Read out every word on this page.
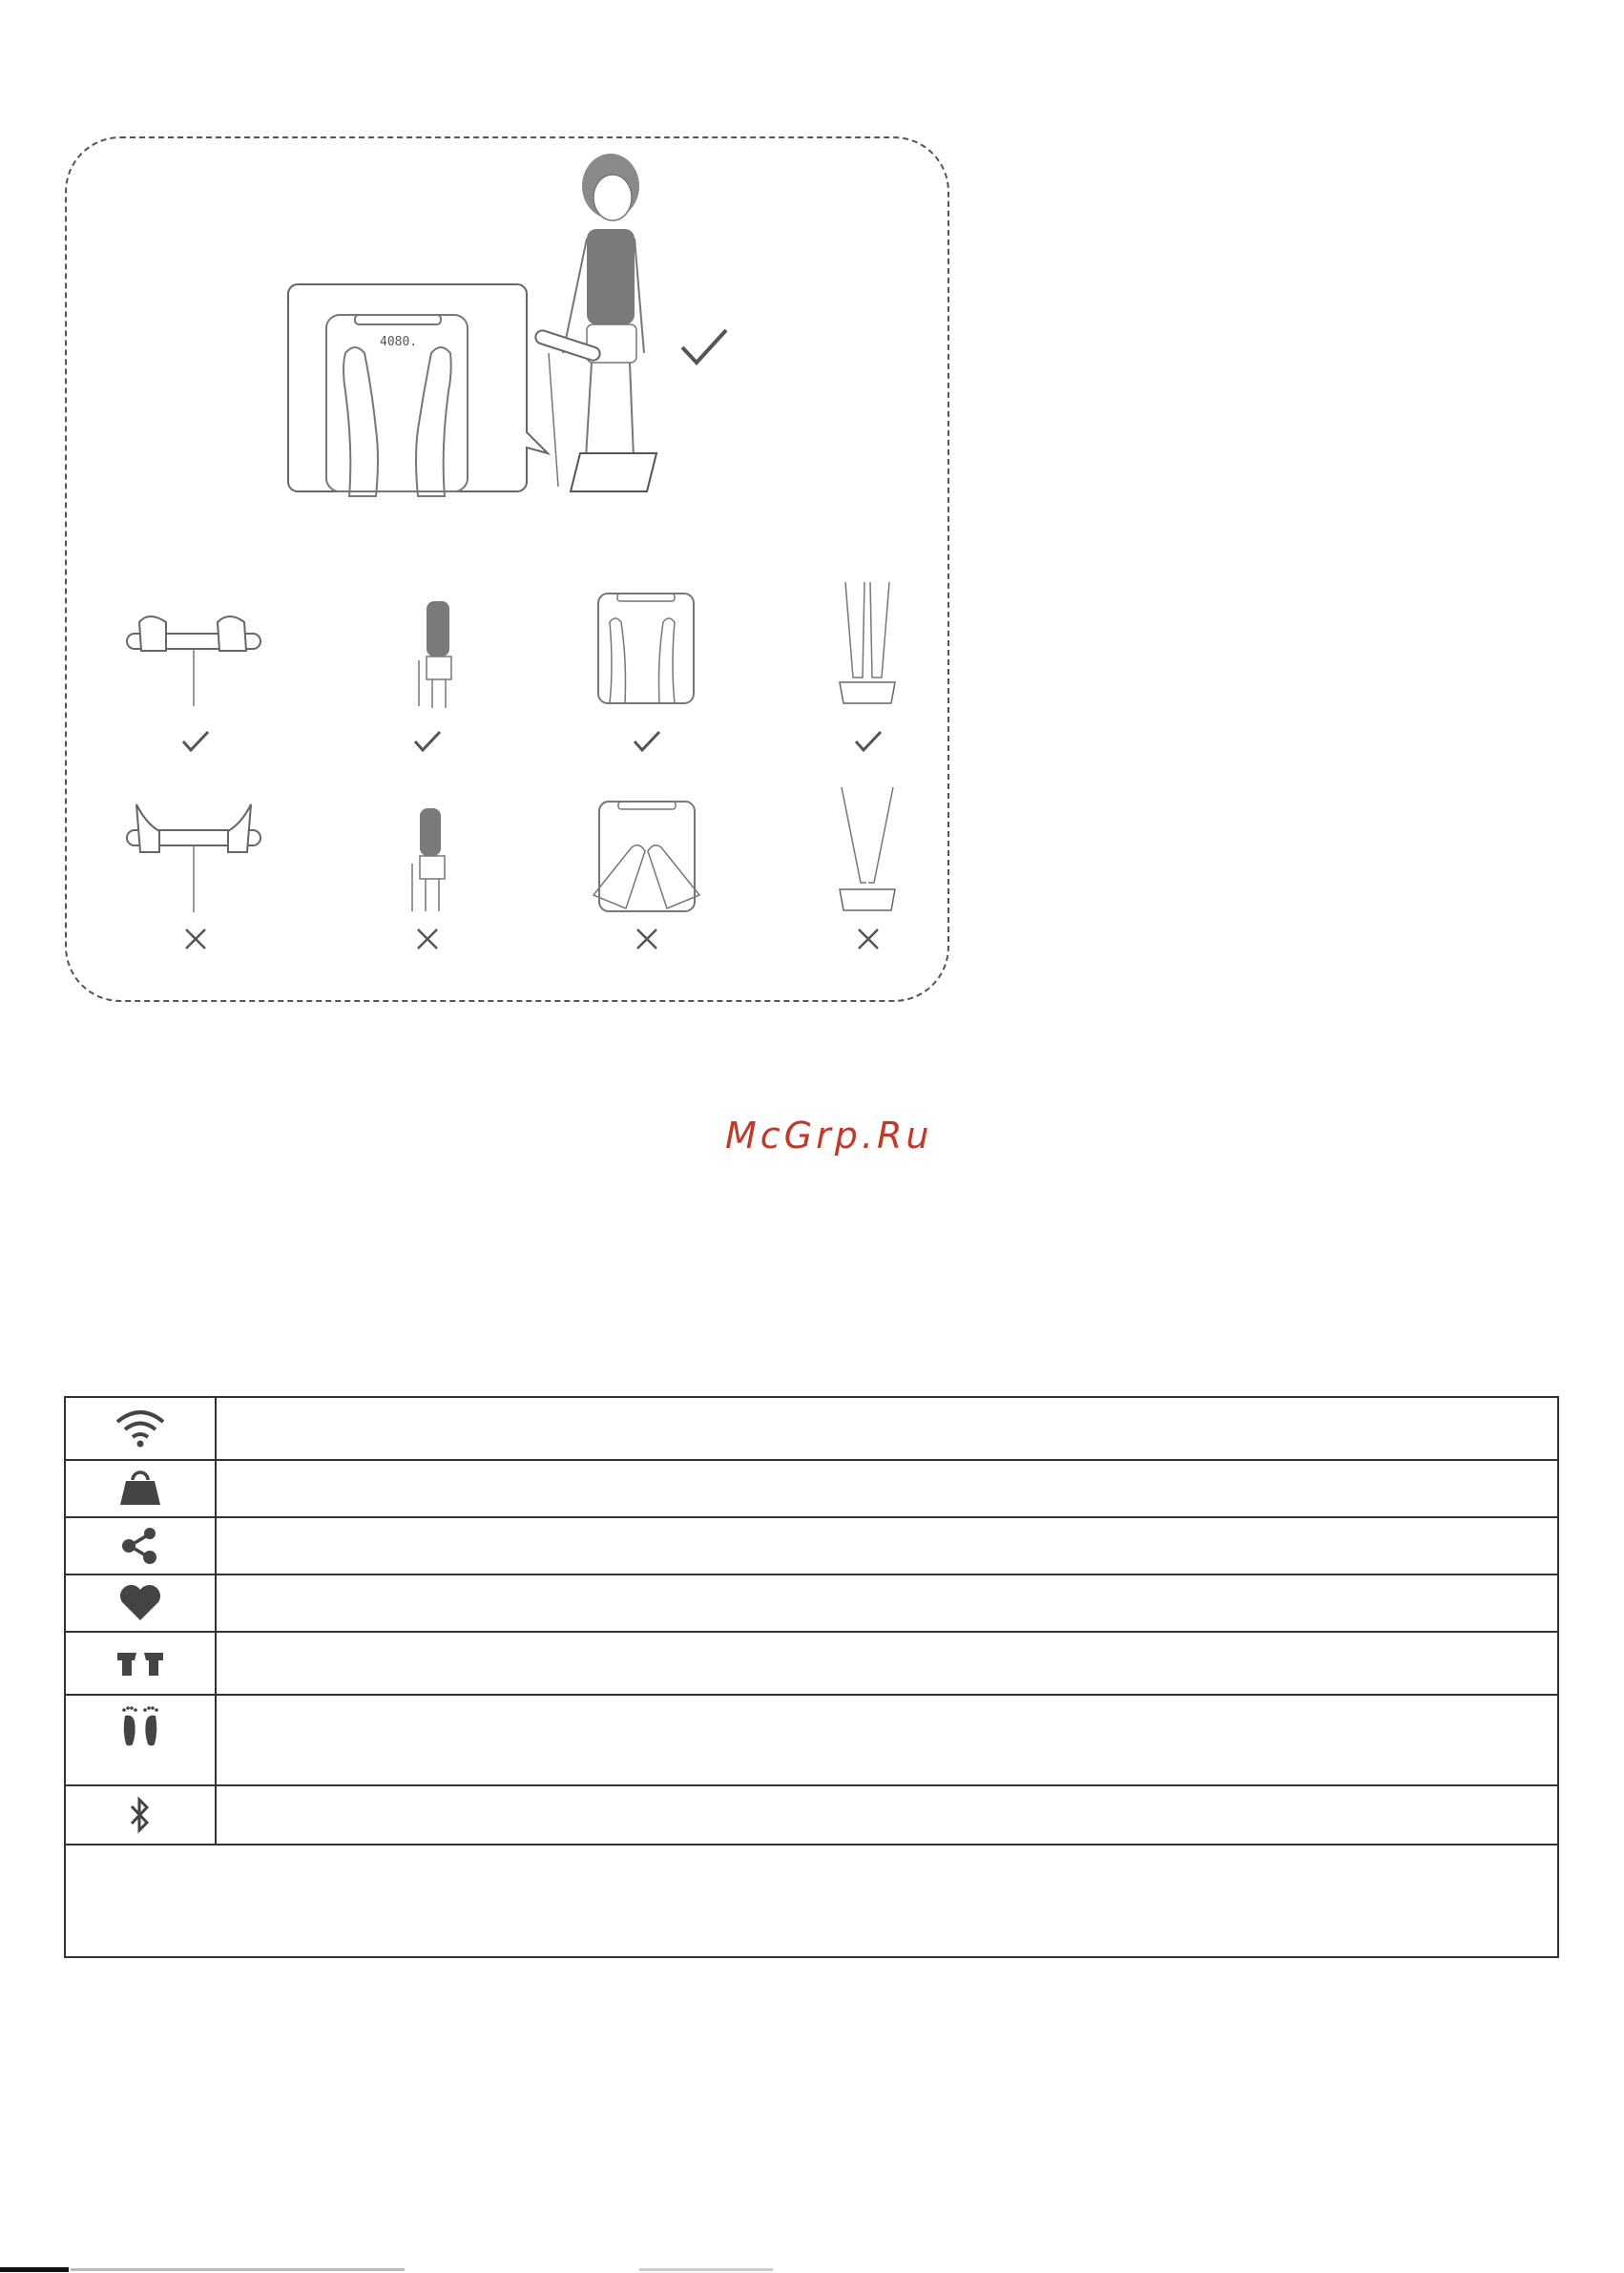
4080.
McGrp.Ru
